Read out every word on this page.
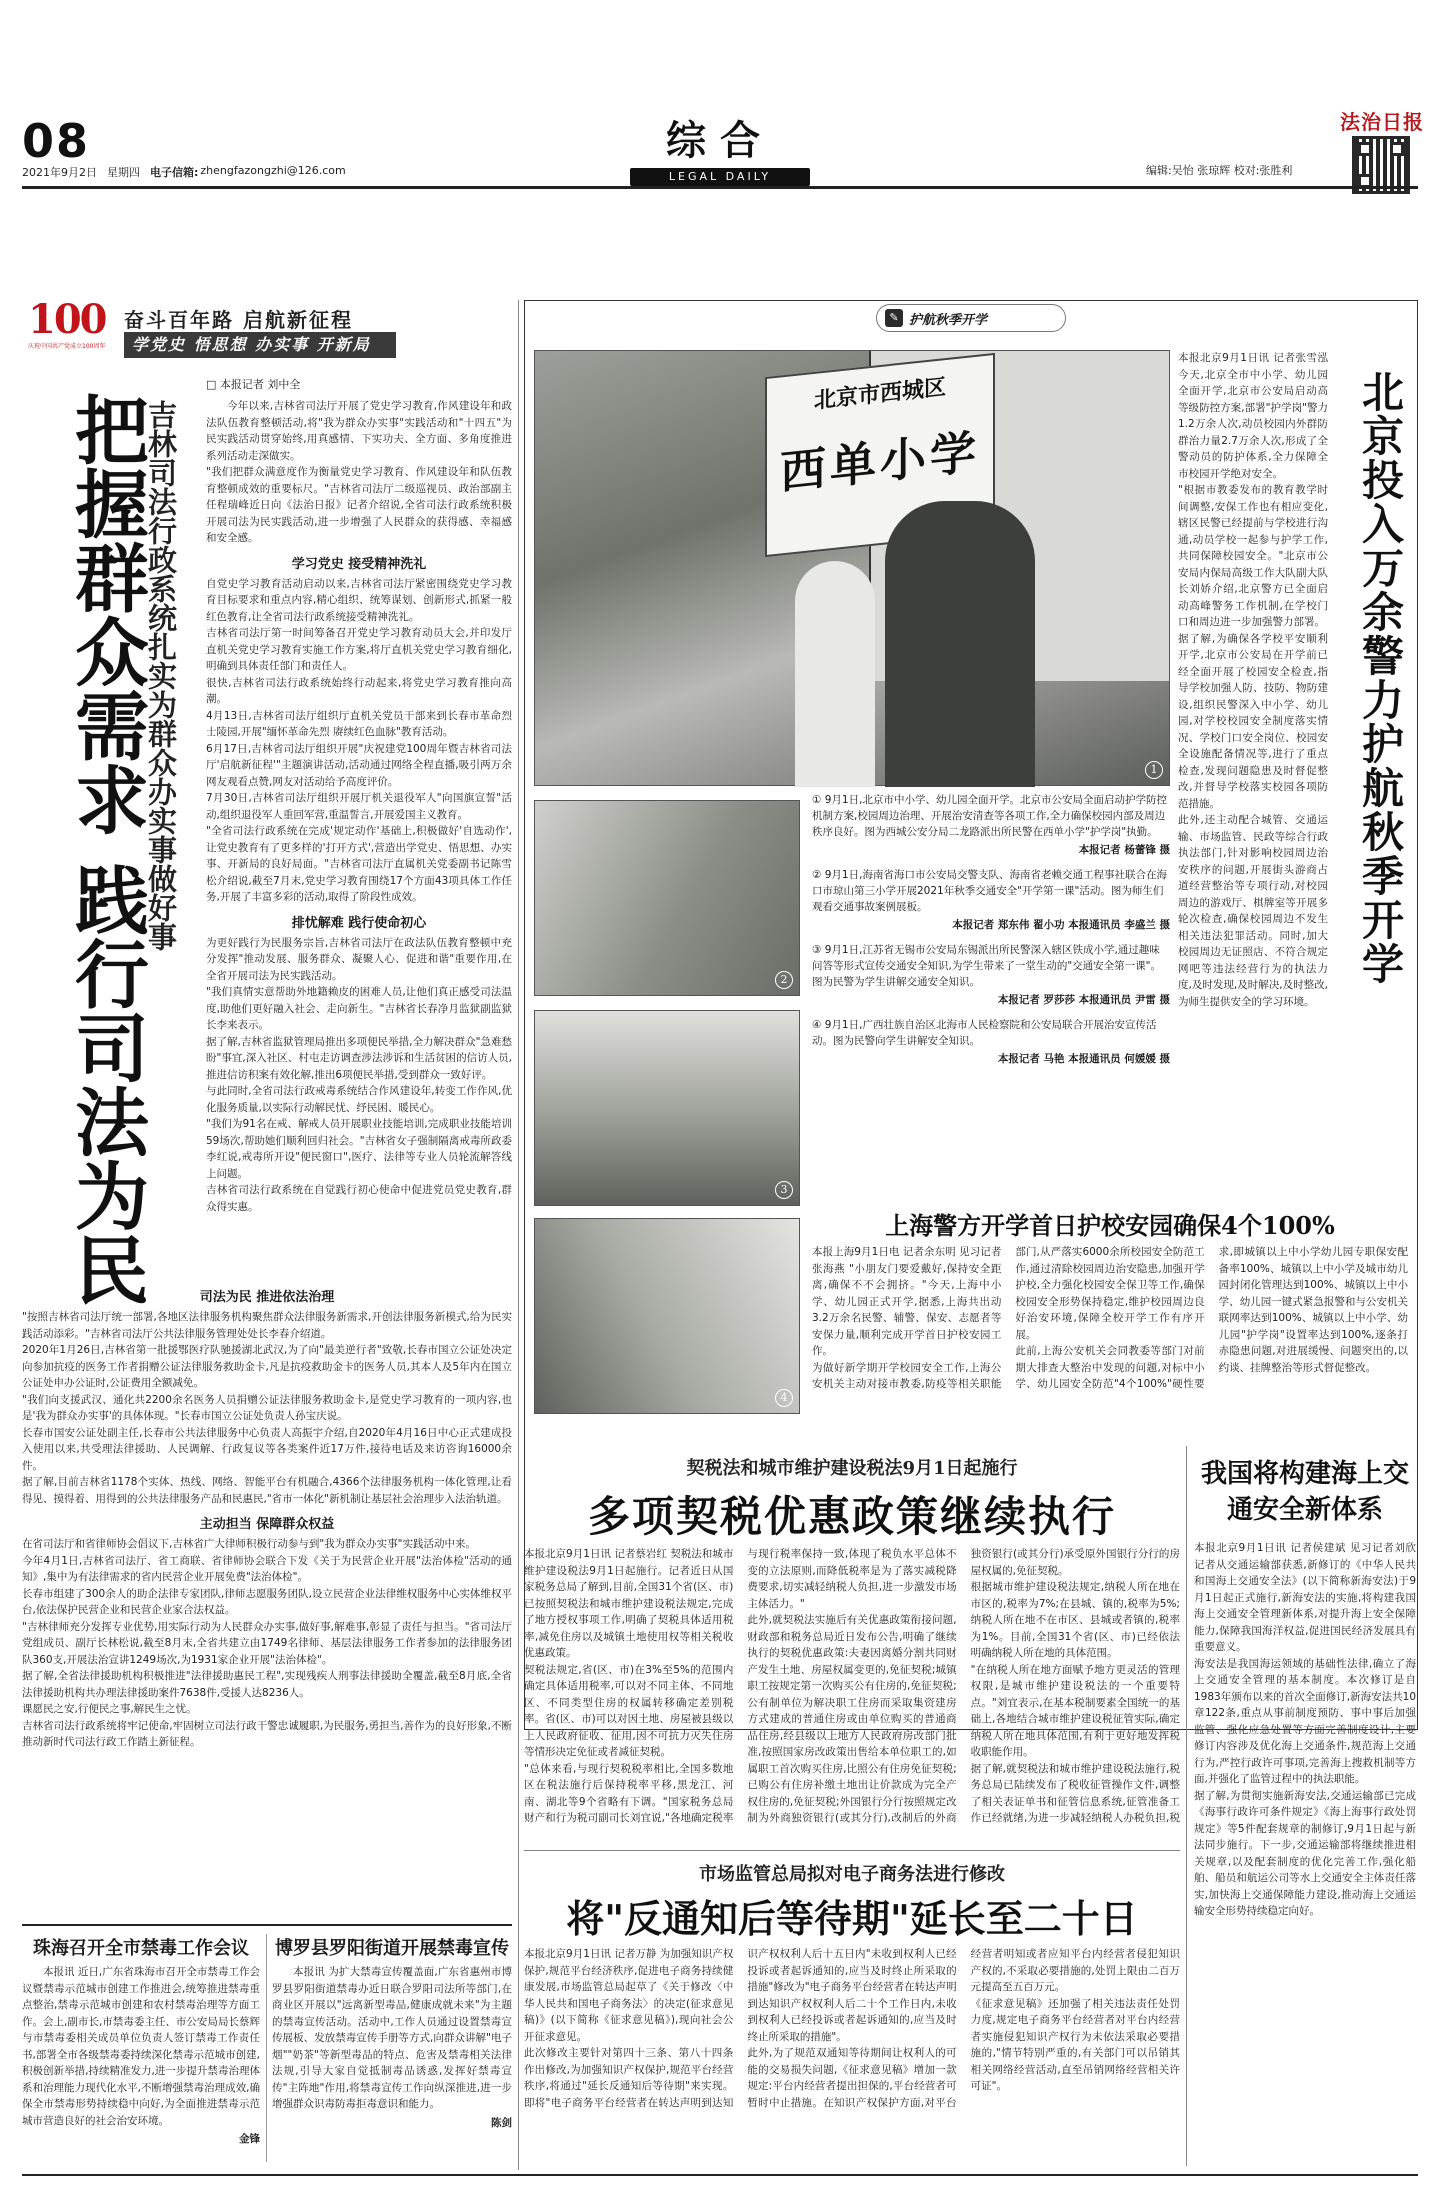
08
2021年9月2日 星期四 电子信箱: zhengfazongzhi@126.com
综合
LEGAL DAILY	编辑:吴怡 张琼辉 校对:张胜利
法治日报
100
庆祝中国共产党成立100周年
奋斗百年路 启航新征程
学党史 悟思想 办实事 开新局
□ 本报记者 刘中全
把握群众需求 践行司法为民
吉林司法行政系统扎实为群众办实事做好事	今年以来,吉林省司法厅开展了党史学习教育,作风建设年和政法队伍教育整顿活动,将"我为群众办实事"实践活动和"十四五"为民实践活动贯穿始终,用真感情、下实功夫、全方面、多角度推进系列活动走深做实。
"我们把群众满意度作为衡量党史学习教育、作风建设年和队伍教育整顿成效的重要标尺。"吉林省司法厅二级巡视员、政治部副主任程瑞峰近日向《法治日报》记者介绍说,全省司法行政系统积极开展司法为民实践活动,进一步增强了人民群众的获得感、幸福感和安全感。
学习党史 接受精神洗礼
自党史学习教育活动启动以来,吉林省司法厅紧密围绕党史学习教育目标要求和重点内容,精心组织、统筹谋划、创新形式,抓紧一般红色教育,让全省司法行政系统接受精神洗礼。
吉林省司法厅第一时间筹备召开党史学习教育动员大会,并印发厅直机关党史学习教育实施工作方案,将厅直机关党史学习教育细化,明确到具体责任部门和责任人。
很快,吉林省司法行政系统始终行动起来,将党史学习教育推向高潮。
4月13日,吉林省司法厅组织厅直机关党员干部来到长春市革命烈士陵园,开展"缅怀革命先烈 赓续红色血脉"教育活动。
6月17日,吉林省司法厅组织开展"庆祝建党100周年暨吉林省司法厅'启航新征程'"主题演讲活动,活动通过网络全程直播,吸引两万余网友观看点赞,网友对活动给予高度评价。
7月30日,吉林省司法厅组织开展厅机关退役军人"向国旗宣誓"活动,组织退役军人重回军营,重温誓言,开展爱国主义教育。
"全省司法行政系统在完成'规定动作'基础上,积极做好'自选动作',让党史教育有了更多样的'打开方式',营造出学党史、悟思想、办实事、开新局的良好局面。"吉林省司法厅直属机关党委副书记陈雪松介绍说,截至7月末,党史学习教育围绕17个方面43项具体工作任务,开展了丰富多彩的活动,取得了阶段性成效。
排忧解难 践行使命初心
为更好践行为民服务宗旨,吉林省司法厅在政法队伍教育整顿中充分发挥"推动发展、服务群众、凝聚人心、促进和谐"重要作用,在全省开展司法为民实践活动。
"我们真情实意帮助外地籍赖皮的困难人员,让他们真正感受司法温度,助他们更好融入社会、走向新生。"吉林省长春净月监狱副监狱长李来表示。
据了解,吉林省监狱管理局推出多项便民举措,全力解决群众"急难愁盼"事宜,深入社区、村屯走访调查涉法涉诉和生活贫困的信访人员,推进信访积案有效化解,推出6项便民举措,受到群众一致好评。
与此同时,全省司法行政戒毒系统结合作风建设年,转变工作作风,优化服务质量,以实际行动解民忧、纾民困、暖民心。
"我们为91名在戒、解戒人员开展职业技能培训,完成职业技能培训59场次,帮助她们顺利回归社会。"吉林省女子强制隔离戒毒所政委李红说,戒毒所开设"便民窗口",医疗、法律等专业人员轮流解答线上问题。
吉林省司法行政系统在自觉践行初心使命中促进党员党史教育,群众得实惠。
司法为民 推进依法治理
"按照吉林省司法厅统一部署,各地区法律服务机构聚焦群众法律服务新需求,开创法律服务新模式,给为民实践活动添彩。"吉林省司法厅公共法律服务管理处处长李春介绍道。
2020年1月26日,吉林省第一批援鄂医疗队驰援湖北武汉,为了向"最美逆行者"致敬,长春市国立公证处决定向参加抗疫的医务工作者捐赠公证法律服务救助金卡,凡是抗疫救助金卡的医务人员,其本人及5年内在国立公证处申办公证时,公证费用全额减免。
"我们向支援武汉、通化共2200余名医务人员捐赠公证法律服务救助金卡,是党史学习教育的一项内容,也是'我为群众办实事'的具体体现。"长春市国立公证处负责人孙宝庆说。
长春市国安公证处副主任,长春市公共法律服务中心负责人高振宇介绍,自2020年4月16日中心正式建成投入使用以来,共受理法律援助、人民调解、行政复议等各类案件近17万件,接待电话及来访咨询16000余件。
据了解,目前吉林省1178个实体、热线、网络、智能平台有机融合,4366个法律服务机构一体化管理,让看得见、摸得着、用得到的公共法律服务产品和民惠民,"省市一体化"新机制让基层社会治理步入法治轨道。
主动担当 保障群众权益
在省司法厅和省律师协会倡议下,吉林省广大律师积极行动参与到"我为群众办实事"实践活动中来。
今年4月1日,吉林省司法厅、省工商联、省律师协会联合下发《关于为民营企业开展"法治体检"活动的通知》,集中为有法律需求的省内民营企业开展免费"法治体检"。
长春市组建了300余人的助企法律专家团队,律师志愿服务团队,设立民营企业法律维权服务中心实体维权平台,依法保护民营企业和民营企业家合法权益。
"吉林律师充分发挥专业优势,用实际行动为人民群众办实事,做好事,解难事,彰显了责任与担当。"省司法厅党组成员、副厅长林松说,截至8月末,全省共建立由1749名律师、基层法律服务工作者参加的法律服务团队360支,开展法治宣讲1249场次,为1931家企业开展"法治体检"。
据了解,全省法律援助机构积极推进"法律援助惠民工程",实现残疾人刑事法律援助全覆盖,截至8月底,全省法律援助机构共办理法律援助案件7638件,受援人达8236人。
课愿民之安,行便民之事,解民生之忧。
吉林省司法行政系统将牢记使命,牢固树立司法行政干警忠诚履职,为民服务,勇担当,善作为的良好形象,不断推动新时代司法行政工作踏上新征程。
珠海召开全市禁毒工作会议
本报讯 近日,广东省珠海市召开全市禁毒工作会议暨禁毒示范城市创建工作推进会,统筹推进禁毒重点整治,禁毒示范城市创建和农村禁毒治理等方面工作。会上,副市长,市禁毒委主任、市公安局局长蔡辉与市禁毒委相关成员单位负责人签订禁毒工作责任书,部署全市各级禁毒委持续深化禁毒示范城市创建,积极创新举措,持续精准发力,进一步提升禁毒治理体系和治理能力现代化水平,不断增强禁毒治理成效,确保全市禁毒形势持续稳中向好,为全面推进禁毒示范城市营造良好的社会治安环境。
金锋
博罗县罗阳街道开展禁毒宣传
本报讯 为扩大禁毒宣传覆盖面,广东省惠州市博罗县罗阳街道禁毒办近日联合罗阳司法所等部门,在商业区开展以"远离新型毒品,健康成就未来"为主题的禁毒宣传活动。活动中,工作人员通过设置禁毒宣传展板、发放禁毒宣传手册等方式,向群众讲解"电子烟""奶茶"等新型毒品的特点、危害及禁毒相关法律法规,引导大家自觉抵制毒品诱惑,发挥好禁毒宣传"主阵地"作用,将禁毒宣传工作向纵深推进,进一步增强群众识毒防毒拒毒意识和能力。
陈剑
✎ 护航秋季开学
北京市西城区
西单小学
1
2
3
4
① 9月1日,北京市中小学、幼儿园全面开学。北京市公安局全面启动护学防控机制方案,校园周边治理、开展治安清查等各项工作,全力确保校园内部及周边秩序良好。图为西城公安分局二龙路派出所民警在西单小学"护学岗"执勤。
本报记者 杨蕾锋 摄
② 9月1日,海南省海口市公安局交警支队、海南省老赖交通工程事社联合在海口市琼山第三小学开展2021年秋季交通安全"开学第一课"活动。图为师生们观看交通事故案例展板。
本报记者 郑东伟 翟小功 本报通讯员 李盛兰 摄
③ 9月1日,江苏省无锡市公安局东锡派出所民警深入辖区铁成小学,通过趣味问答等形式宣传交通安全知识,为学生带来了一堂生动的"交通安全第一课"。图为民警为学生讲解交通安全知识。
本报记者 罗莎莎 本报通讯员 尹雷 摄
④ 9月1日,广西壮族自治区北海市人民检察院和公安局联合开展治安宣传活动。图为民警向学生讲解安全知识。
本报记者 马艳 本报通讯员 何媛媛 摄
本报北京9月1日讯 记者张雪泓 今天,北京全市中小学、幼儿园全面开学,北京市公安局启动高等级防控方案,部署"护学岗"警力1.2万余人次,动员校园内外群防群治力量2.7万余人次,形成了全警动员的防护体系,全力保障全市校园开学绝对安全。
"根据市教委发布的教育教学时间调整,安保工作也有相应变化,辖区民警已经提前与学校进行沟通,动员学校一起参与护学工作,共同保障校园安全。"北京市公安局内保局高级工作大队副大队长刘娇介绍,北京警方已全面启动高峰警务工作机制,在学校门口和周边进一步加强警力部署。
据了解,为确保各学校平安顺利开学,北京市公安局在开学前已经全面开展了校园安全检查,指导学校加强人防、技防、物防建设,组织民警深入中小学、幼儿园,对学校校园安全制度落实情况、学校门口安全岗位、校园安全设施配备情况等,进行了重点检查,发现问题隐患及时督促整改,并督导学校落实校园各项防范措施。
此外,还主动配合城管、交通运输、市场监管、民政等综合行政执法部门,针对影响校园周边治安秩序的问题,开展街头游商占道经营整治等专项行动,对校园周边的游戏厅、棋牌室等开展多轮次检查,确保校园周边不发生相关违法犯罪活动。同时,加大校园周边无证照店、不符合规定网吧等违法经营行为的执法力度,及时发现,及时解决,及时整改,为师生提供安全的学习环境。
北京投入万余警力护航秋季开学
上海警方开学首日护校安园确保4个100%
本报上海9月1日电 记者余东明 见习记者张海燕 "小朋友门要爱戴好,保持安全距离,确保不不会拥挤。"今天,上海中小学、幼儿园正式开学,据悉,上海共出动3.2万余名民警、辅警、保安、志愿者等安保力量,顺利完成开学首日护校安园工作。
为做好新学期开学校园安全工作,上海公安机关主动对接市教委,防疫等相关职能部门,从严落实6000余所校园安全防范工作,通过清除校园周边治安隐患,加强开学护校,全力强化校园安全保卫等工作,确保校园安全形势保持稳定,维护校园周边良好治安环境,保障全校开学工作有序开展。
此前,上海公安机关会同教委等部门对前期大排查大整治中发现的问题,对标中小学、幼儿园安全防范"4个100%"硬性要求,即城镇以上中小学幼儿园专职保安配备率100%、城镇以上中小学及城市幼儿园封闭化管理达到100%、城镇以上中小学、幼儿园一键式紧急报警和与公安机关联网率达到100%、城镇以上中小学、幼儿园"护学岗"设置率达到100%,逐条打赤隐患问题,对进展缓慢、问题突出的,以约谈、挂牌整治等形式督促整改。
契税法和城市维护建设税法9月1日起施行
多项契税优惠政策继续执行
本报北京9月1日讯 记者蔡岩红 契税法和城市维护建设税法9月1日起施行。记者近日从国家税务总局了解到,目前,全国31个省(区、市)已按照契税法和城市维护建设税法规定,完成了地方授权事项工作,明确了契税具体适用税率,减免住房以及城镇土地使用权等相关税收优惠政策。
契税法规定,省(区、市)在3%至5%的范围内确定具体适用税率,可以对不同主体、不同地区、不同类型住房的权属转移确定差别税率。省(区、市)可以对因土地、房屋被县级以上人民政府征收、征用,因不可抗力灭失住房等情形决定免征或者减征契税。
"总体来看,与现行契税税率相比,全国多数地区在税法施行后保持税率平移,黑龙江、河南、湖北等9个省略有下调。"国家税务总局财产和行为税司副司长刘宜说,"各地确定税率与现行税率保持一致,体现了税负水平总体不变的立法原则,而降低税率是为了落实减税降费要求,切实减轻纳税人负担,进一步激发市场主体活力。"
此外,就契税法实施后有关优惠政策衔接问题,财政部和税务总局近日发布公告,明确了继续执行的契税优惠政策:夫妻因离婚分割共同财产发生土地、房屋权属变更的,免征契税;城镇职工按规定第一次购买公有住房的,免征契税;公有制单位为解决职工住房而采取集资建房方式建成的普通住房或由单位购买的普通商品住房,经县级以上地方人民政府房改部门批准,按照国家房改政策出售给本单位职工的,如属职工首次购买住房,比照公有住房免征契税;已购公有住房补缴土地出让价款成为完全产权住房的,免征契税;外国银行分行按照规定改制为外商独资银行(或其分行),改制后的外商独资银行(或其分行)承受原外国银行分行的房屋权属的,免征契税。
根据城市维护建设税法规定,纳税人所在地在市区的,税率为7%;在县城、镇的,税率为5%;纳税人所在地不在市区、县城或者镇的,税率为1%。目前,全国31个省(区、市)已经依法明确纳税人所在地的具体范围。
"在纳税人所在地方面赋予地方更灵活的管理权限,是城市维护建设税法的一个重要特点。"刘宜表示,在基本税制要素全国统一的基础上,各地结合城市维护建设税征管实际,确定纳税人所在地具体范围,有利于更好地发挥税收职能作用。
据了解,就契税法和城市维护建设税法施行,税务总局已陆续发布了税收征管操作文件,调整了相关表证单书和征管信息系统,征管准备工作已经就绪,为进一步减轻纳税人办税负担,税
我国将构建海上交通安全新体系
本报北京9月1日讯 记者侯建斌 见习记者刘欣 记者从交通运输部获悉,新修订的《中华人民共和国海上交通安全法》(以下简称新海安法)于9月1日起正式施行,新海安法的实施,将构建我国海上交通安全管理新体系,对提升海上安全保障能力,保障我国海洋权益,促进国民经济发展具有重要意义。
海安法是我国海运领域的基础性法律,确立了海上交通安全管理的基本制度。本次修订是自1983年颁布以来的首次全面修订,新海安法共10章122条,重点从事前制度预防、事中事后加强监管、强化应急处置等方面完善制度设计,主要修订内容涉及优化海上交通条件,规范海上交通行为,严控行政许可事项,完善海上搜救机制等方面,并强化了监管过程中的执法职能。
据了解,为贯彻实施新海安法,交通运输部已完成《海事行政许可条件规定》《海上海事行政处罚规定》等5件配套规章的制修订,9月1日起与新法同步施行。下一步,交通运输部将继续推进相关规章,以及配套制度的优化完善工作,强化船舶、船员和航运公司等水上交通安全主体责任落实,加快海上交通保障能力建设,推动海上交通运输安全形势持续稳定向好。
市场监管总局拟对电子商务法进行修改
将"反通知后等待期"延长至二十日
本报北京9月1日讯 记者万静 为加强知识产权保护,规范平台经济秩序,促进电子商务持续健康发展,市场监管总局起草了《关于修改〈中华人民共和国电子商务法〉的决定(征求意见稿)》(以下简称《征求意见稿》),现向社会公开征求意见。
此次修改主要针对第四十三条、第八十四条作出修改,为加强知识产权保护,规范平台经营秩序,将通过"延长反通知后等待期"来实现。即将"电子商务平台经营者在转达声明到达知识产权权利人后十五日内"未收到权利人已经投诉或者起诉通知的,应当及时终止所采取的措施"修改为"电子商务平台经营者在转达声明到达知识产权权利人后二十个工作日内,未收到权利人已经投诉或者起诉通知的,应当及时终止所采取的措施"。
此外,为了规范双通知等待期间让权利人的可能的交易损失问题,《征求意见稿》增加一款规定:平台内经营者提出担保的,平台经营者可暂时中止措施。在知识产权保护方面,对平台经营者明知或者应知平台内经营者侵犯知识产权的,不采取必要措施的,处罚上限由二百万元提高至五百万元。
《征求意见稿》还加强了相关违法责任处罚力度,规定电子商务平台经营者对平台内经营者实施侵犯知识产权行为未依法采取必要措施的,"情节特别严重的,有关部门可以吊销其相关网络经营活动,直至吊销网络经营相关许可证"。
